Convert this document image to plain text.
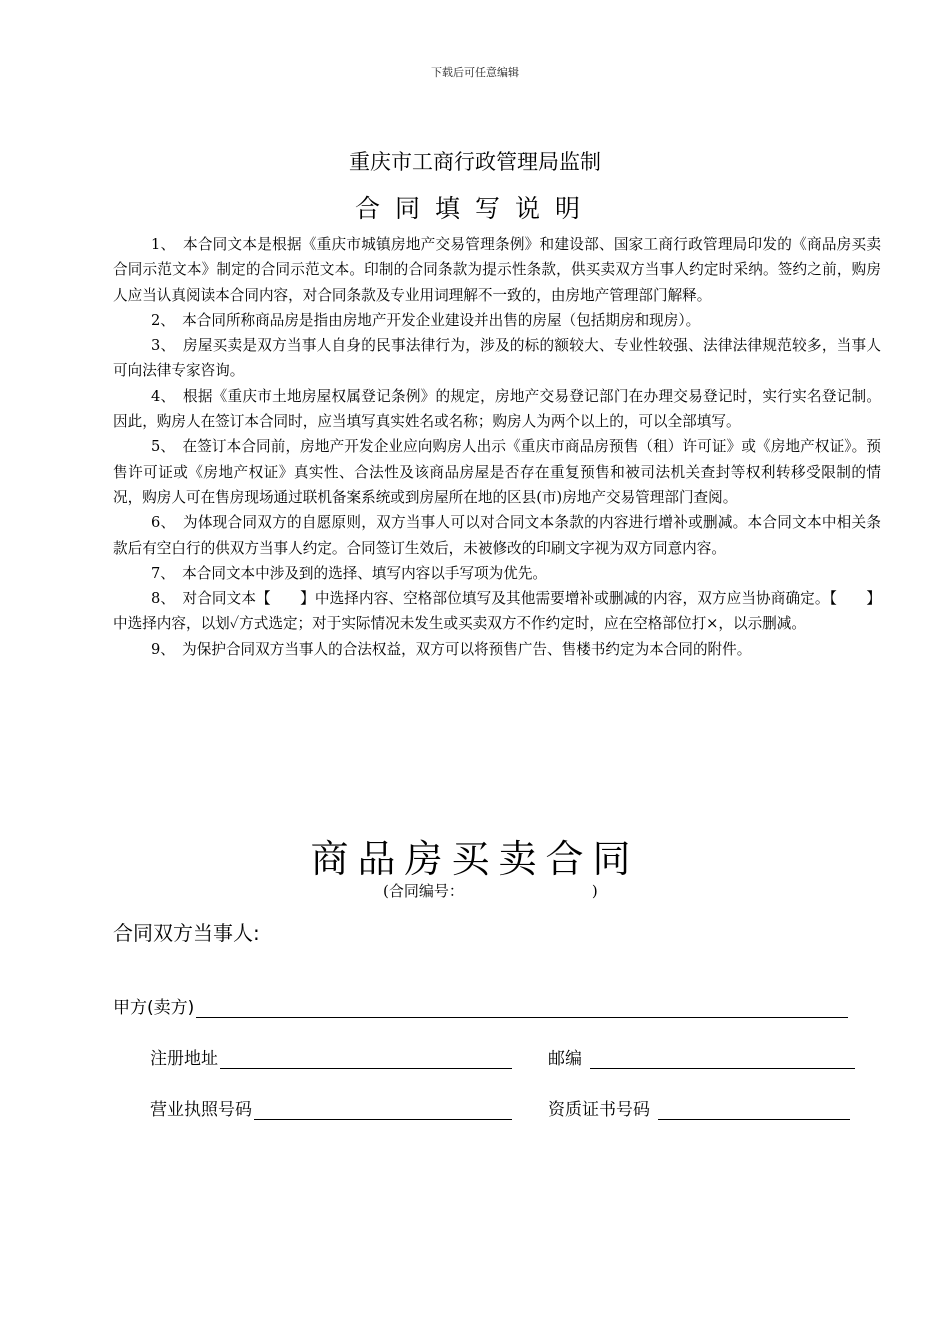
下载后可任意编辑
重庆市工商行政管理局监制
合同填写说明

1、　本合同文本是根据《重庆市城镇房地产交易管理条例》和建设部、国家工商行政管理局印发的《商品房买卖合同示范文本》制定的合同示范文本。印制的合同条款为提示性条款，供买卖双方当事人约定时采纳。签约之前，购房人应当认真阅读本合同内容，对合同条款及专业用词理解不一致的，由房地产管理部门解释。

2、　本合同所称商品房是指由房地产开发企业建设并出售的房屋（包括期房和现房）。

3、　房屋买卖是双方当事人自身的民事法律行为，涉及的标的额较大、专业性较强、法律法律规范较多，当事人可向法律专家咨询。

4、　根据《重庆市土地房屋权属登记条例》的规定，房地产交易登记部门在办理交易登记时，实行实名登记制。因此，购房人在签订本合同时，应当填写真实姓名或名称；购房人为两个以上的，可以全部填写。

5、　在签订本合同前，房地产开发企业应向购房人出示《重庆市商品房预售（租）许可证》或《房地产权证》。预售许可证或《房地产权证》真实性、合法性及该商品房屋是否存在重复预售和被司法机关查封等权利转移受限制的情况，购房人可在售房现场通过联机备案系统或到房屋所在地的区县(市)房地产交易管理部门查阅。

6、　为体现合同双方的自愿原则，双方当事人可以对合同文本条款的内容进行增补或删减。本合同文本中相关条款后有空白行的供双方当事人约定。合同签订生效后，未被修改的印刷文字视为双方同意内容。

7、　本合同文本中涉及到的选择、填写内容以手写项为优先。

8、　对合同文本【　　】中选择内容、空格部位填写及其他需要增补或删减的内容，双方应当协商确定。【　　】中选择内容，以划✓方式选定；对于实际情况未发生或买卖双方不作约定时，应在空格部位打×，以示删减。

9、　为保护合同双方当事人的合法权益，双方可以将预售广告、售楼书约定为本合同的附件。

商品房买卖合同
(合同编号：	)
合同双方当事人:
甲方(卖方)
注册地址	邮编
营业执照号码	资质证书号码
